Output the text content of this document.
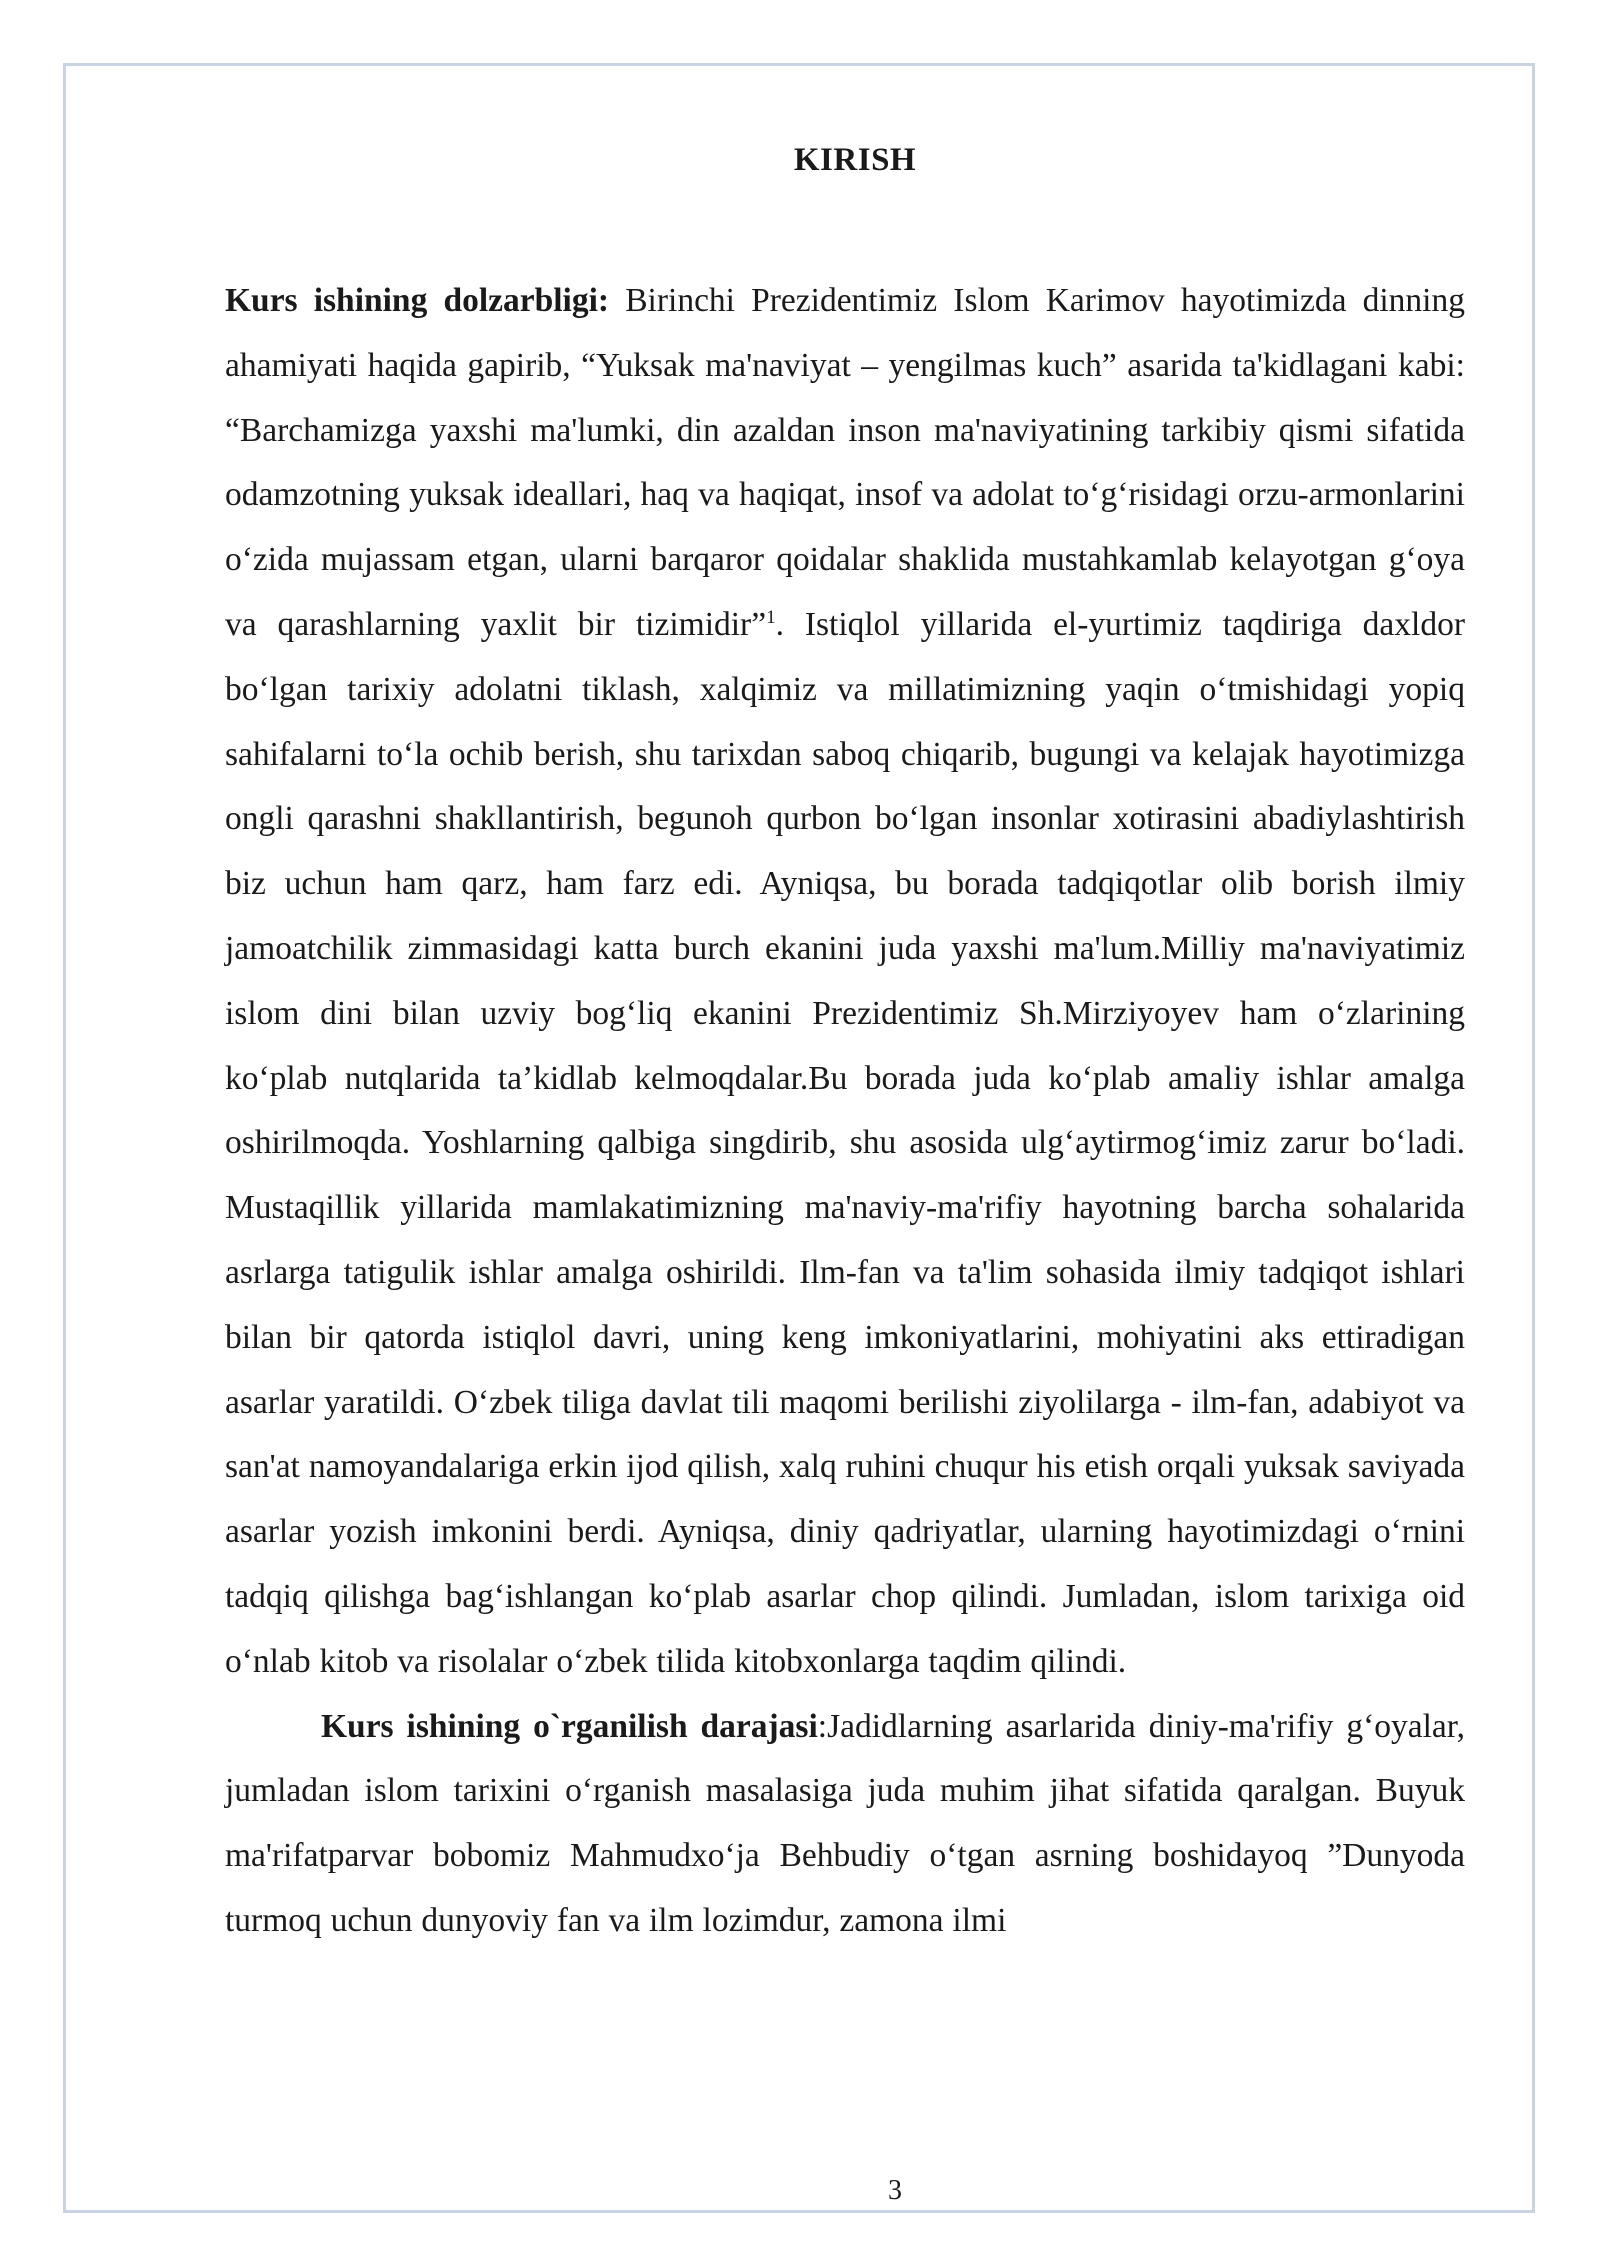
KIRISH

Kurs ishining dolzarbligi: Birinchi Prezidentimiz Islom Karimov hayotimizda dinning ahamiyati haqida gapirib, “Yuksak ma'naviyat – yengilmas kuch” asarida ta'kidlagani kabi: “Barchamizga yaxshi ma'lumki, din azaldan inson ma'naviyatining tarkibiy qismi sifatida odamzotning yuksak ideallari, haq va haqiqat, insof va adolat to‘g‘risidagi orzu-armonlarini o‘zida mujassam etgan, ularni barqaror qoidalar shaklida mustahkamlab kelayotgan g‘oya va qarashlarning yaxlit bir tizimidir”$^1$. Istiqlol yillarida el-yurtimiz taqdiriga daxldor bo‘lgan tarixiy adolatni tiklash, xalqimiz va millatimizning yaqin o‘tmishidagi yopiq sahifalarni to‘la ochib berish, shu tarixdan saboq chiqarib, bugungi va kelajak hayotimizga ongli qarashni shakllantirish, begunoh qurbon bo‘lgan insonlar xotirasini abadiylashtirish biz uchun ham qarz, ham farz edi. Ayniqsa, bu borada tadqiqotlar olib borish ilmiy jamoatchilik zimmasidagi katta burch ekanini juda yaxshi ma'lum.Milliy ma'naviyatimiz islom dini bilan uzviy bog‘liq ekanini Prezidentimiz Sh.Mirziyoyev ham o‘zlarining ko‘plab nutqlarida ta’kidlab kelmoqdalar.Bu borada juda ko‘plab amaliy ishlar amalga oshirilmoqda. Yoshlarning qalbiga singdirib, shu asosida ulg‘aytirmog‘imiz zarur bo‘ladi. Mustaqillik yillarida mamlakatimizning ma'naviy-ma'rifiy hayotning barcha sohalarida asrlarga tatigulik ishlar amalga oshirildi. Ilm-fan va ta'lim sohasida ilmiy tadqiqot ishlari bilan bir qatorda istiqlol davri, uning keng imkoniyatlarini, mohiyatini aks ettiradigan asarlar yaratildi. O‘zbek tiliga davlat tili maqomi berilishi ziyolilarga - ilm-fan, adabiyot va san'at namoyandalariga erkin ijod qilish, xalq ruhini chuqur his etish orqali yuksak saviyada asarlar yozish imkonini berdi. Ayniqsa, diniy qadriyatlar, ularning hayotimizdagi o‘rnini tadqiq qilishga bag‘ishlangan ko‘plab asarlar chop qilindi. Jumladan, islom tarixiga oid o‘nlab kitob va risolalar o‘zbek tilida kitobxonlarga taqdim qilindi.

Kurs ishining o`rganilish darajasi:Jadidlarning asarlarida diniy-ma'rifiy g‘oyalar, jumladan islom tarixini o‘rganish masalasiga juda muhim jihat sifatida qaralgan. Buyuk ma'rifatparvar bobomiz Mahmudxo‘ja Behbudiy o‘tgan asrning boshidayoq ”Dunyoda turmoq uchun dunyoviy fan va ilm lozimdur, zamona ilmi

3
